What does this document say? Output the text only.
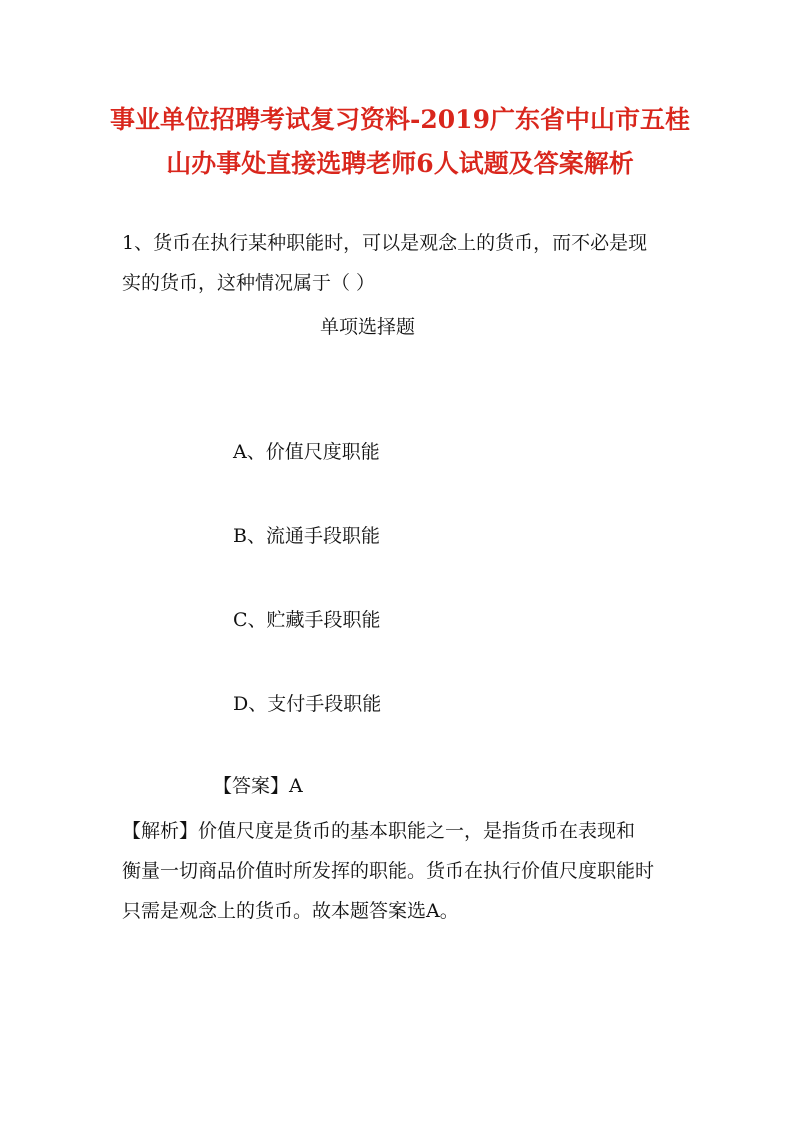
事业单位招聘考试复习资料-2019广东省中山市五桂
山办事处直接选聘老师6人试题及答案解析
1、货币在执行某种职能时，可以是观念上的货币，而不必是现
实的货币，这种情况属于（ ）
单项选择题
A、价值尺度职能
B、流通手段职能
C、贮藏手段职能
D、支付手段职能
【答案】A
【解析】价值尺度是货币的基本职能之一，是指货币在表现和
衡量一切商品价值时所发挥的职能。货币在执行价值尺度职能时
只需是观念上的货币。故本题答案选A。
